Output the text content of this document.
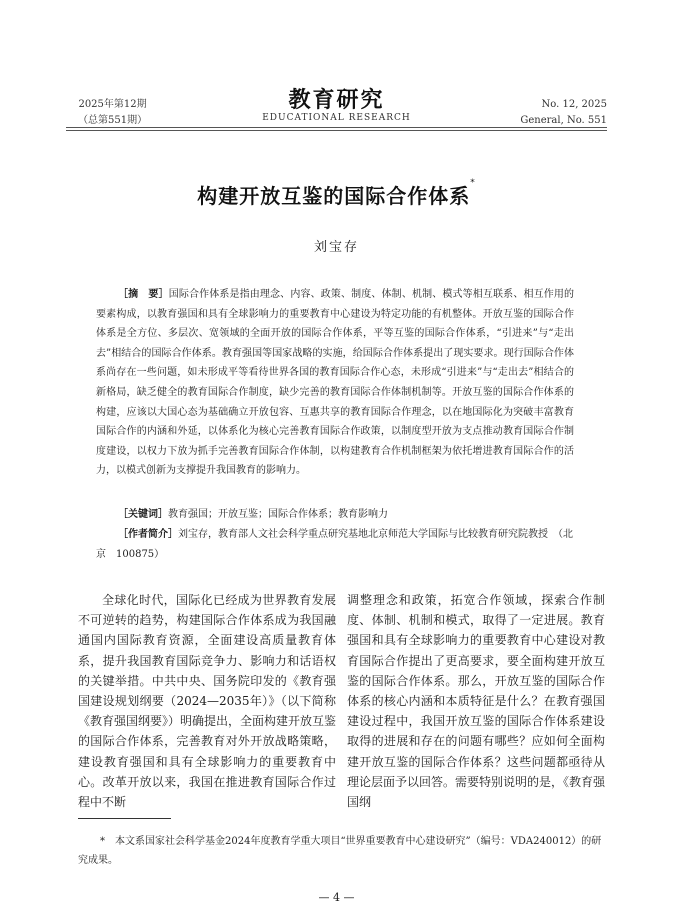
2025年第12期
（总第551期）
教育研究
EDUCATIONAL RESEARCH
No. 12, 2025
General, No. 551
构建开放互鉴的国际合作体系*
刘宝存
［摘　要］国际合作体系是指由理念、内容、政策、制度、体制、机制、模式等相互联系、相互作用的要素构成，以教育强国和具有全球影响力的重要教育中心建设为特定功能的有机整体。开放互鉴的国际合作体系是全方位、多层次、宽领域的全面开放的国际合作体系，平等互鉴的国际合作体系，“引进来”与“走出去”相结合的国际合作体系。教育强国等国家战略的实施，给国际合作体系提出了现实要求。现行国际合作体系尚存在一些问题，如未形成平等看待世界各国的教育国际合作心态，未形成“引进来”与“走出去”相结合的新格局，缺乏健全的教育国际合作制度，缺少完善的教育国际合作体制机制等。开放互鉴的国际合作体系的构建，应该以大国心态为基础确立开放包容、互惠共享的教育国际合作理念，以在地国际化为突破丰富教育国际合作的内涵和外延，以体系化为核心完善教育国际合作政策，以制度型开放为支点推动教育国际合作制度建设，以权力下放为抓手完善教育国际合作体制，以构建教育合作机制框架为依托增进教育国际合作的活力，以模式创新为支撑提升我国教育的影响力。
［关键词］教育强国；开放互鉴；国际合作体系；教育影响力
［作者简介］刘宝存，教育部人文社会科学重点研究基地北京师范大学国际与比较教育研究院教授　（北京　100875）
全球化时代，国际化已经成为世界教育发展不可逆转的趋势，构建国际合作体系成为我国融通国内国际教育资源，全面建设高质量教育体系，提升我国教育国际竞争力、影响力和话语权的关键举措。中共中央、国务院印发的《教育强国建设规划纲要（2024—2035年）》（以下简称《教育强国纲要》）明确提出，全面构建开放互鉴的国际合作体系，完善教育对外开放战略策略，建设教育强国和具有全球影响力的重要教育中心。改革开放以来，我国在推进教育国际合作过程中不断
调整理念和政策，拓宽合作领域，探索合作制度、体制、机制和模式，取得了一定进展。教育强国和具有全球影响力的重要教育中心建设对教育国际合作提出了更高要求，要全面构建开放互鉴的国际合作体系。那么，开放互鉴的国际合作体系的核心内涵和本质特征是什么？在教育强国建设过程中，我国开放互鉴的国际合作体系建设取得的进展和存在的问题有哪些？应如何全面构建开放互鉴的国际合作体系？这些问题都亟待从理论层面予以回答。需要特别说明的是，《教育强国纲
*　 本文系国家社会科学基金2024年度教育学重大项目“世界重要教育中心建设研究”（编号：VDA240012）的研究成果。
— 4 —
